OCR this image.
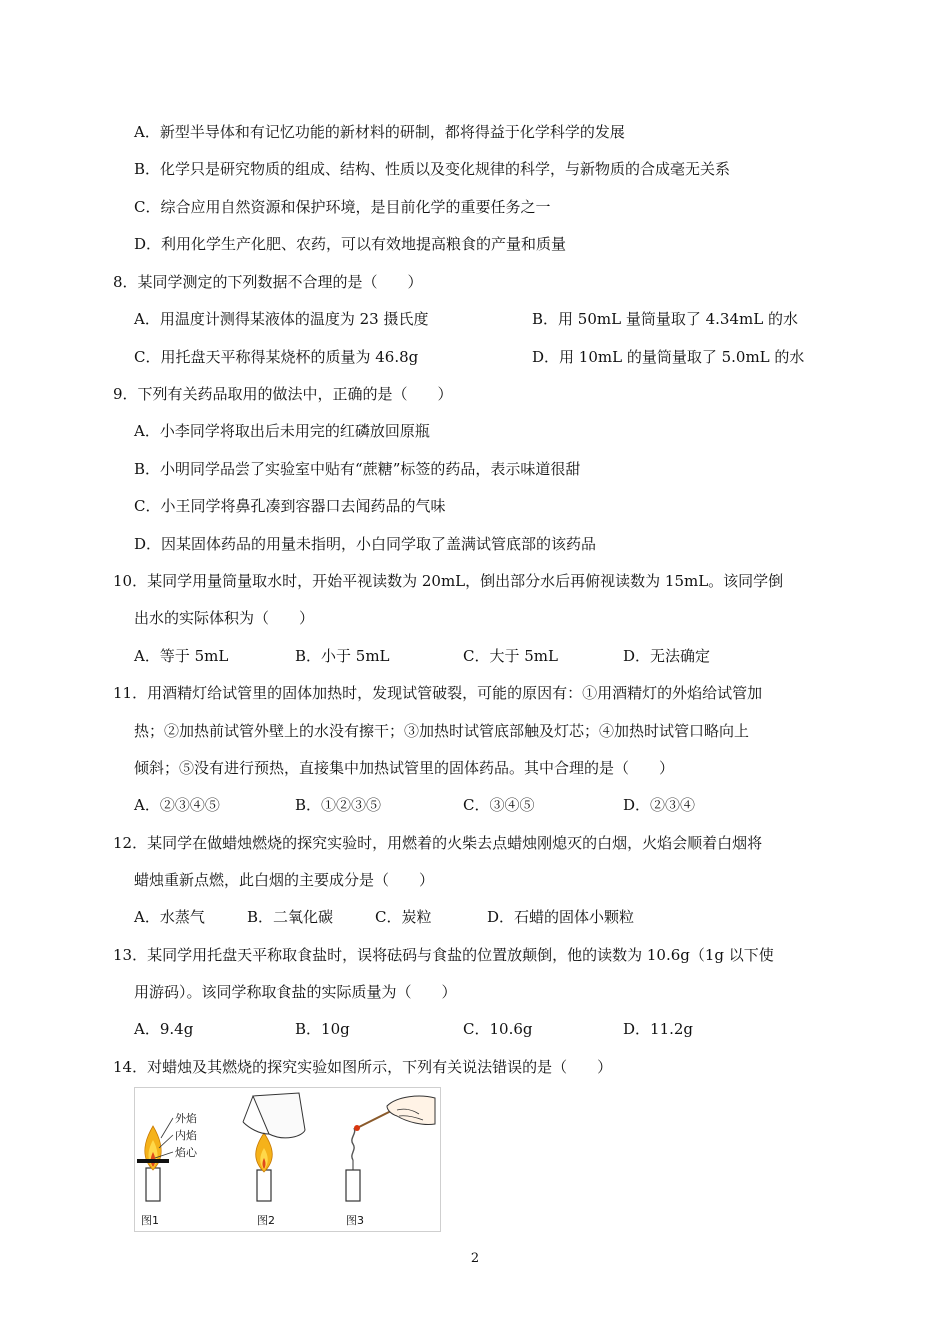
A．新型半导体和有记忆功能的新材料的研制，都将得益于化学科学的发展
B．化学只是研究物质的组成、结构、性质以及变化规律的科学，与新物质的合成毫无关系
C．综合应用自然资源和保护环境，是目前化学的重要任务之一
D．利用化学生产化肥、农药，可以有效地提高粮食的产量和质量
8．某同学测定的下列数据不合理的是（　　）
A．用温度计测得某液体的温度为 23 摄氏度	B．用 50mL 量筒量取了 4.34mL 的水
C．用托盘天平称得某烧杯的质量为 46.8g	D．用 10mL 的量筒量取了 5.0mL 的水
9．下列有关药品取用的做法中，正确的是（　　）
A．小李同学将取出后未用完的红磷放回原瓶
B．小明同学品尝了实验室中贴有“蔗糖”标签的药品，表示味道很甜
C．小王同学将鼻孔凑到容器口去闻药品的气味
D．因某固体药品的用量未指明，小白同学取了盖满试管底部的该药品
10．某同学用量筒量取水时，开始平视读数为 20mL，倒出部分水后再俯视读数为 15mL。该同学倒
出水的实际体积为（　　）
A．等于 5mL	B．小于 5mL	C．大于 5mL	D．无法确定
11．用酒精灯给试管里的固体加热时，发现试管破裂，可能的原因有：①用酒精灯的外焰给试管加
热；②加热前试管外壁上的水没有擦干；③加热时试管底部触及灯芯；④加热时试管口略向上
倾斜；⑤没有进行预热，直接集中加热试管里的固体药品。其中合理的是（　　）
A．②③④⑤	B．①②③⑤	C．③④⑤	D．②③④
12．某同学在做蜡烛燃烧的探究实验时，用燃着的火柴去点蜡烛刚熄灭的白烟，火焰会顺着白烟将
蜡烛重新点燃，此白烟的主要成分是（　　）
A．水蒸气	B．二氧化碳	C．炭粒	D．石蜡的固体小颗粒
13．某同学用托盘天平称取食盐时，误将砝码与食盐的位置放颠倒，他的读数为 10.6g（1g 以下使
用游码）。该同学称取食盐的实际质量为（　　）
A．9.4g	B．10g	C．10.6g	D．11.2g
14．对蜡烛及其燃烧的探究实验如图所示，下列有关说法错误的是（　　）
外焰
内焰
焰心
图1	图2	图3
2
